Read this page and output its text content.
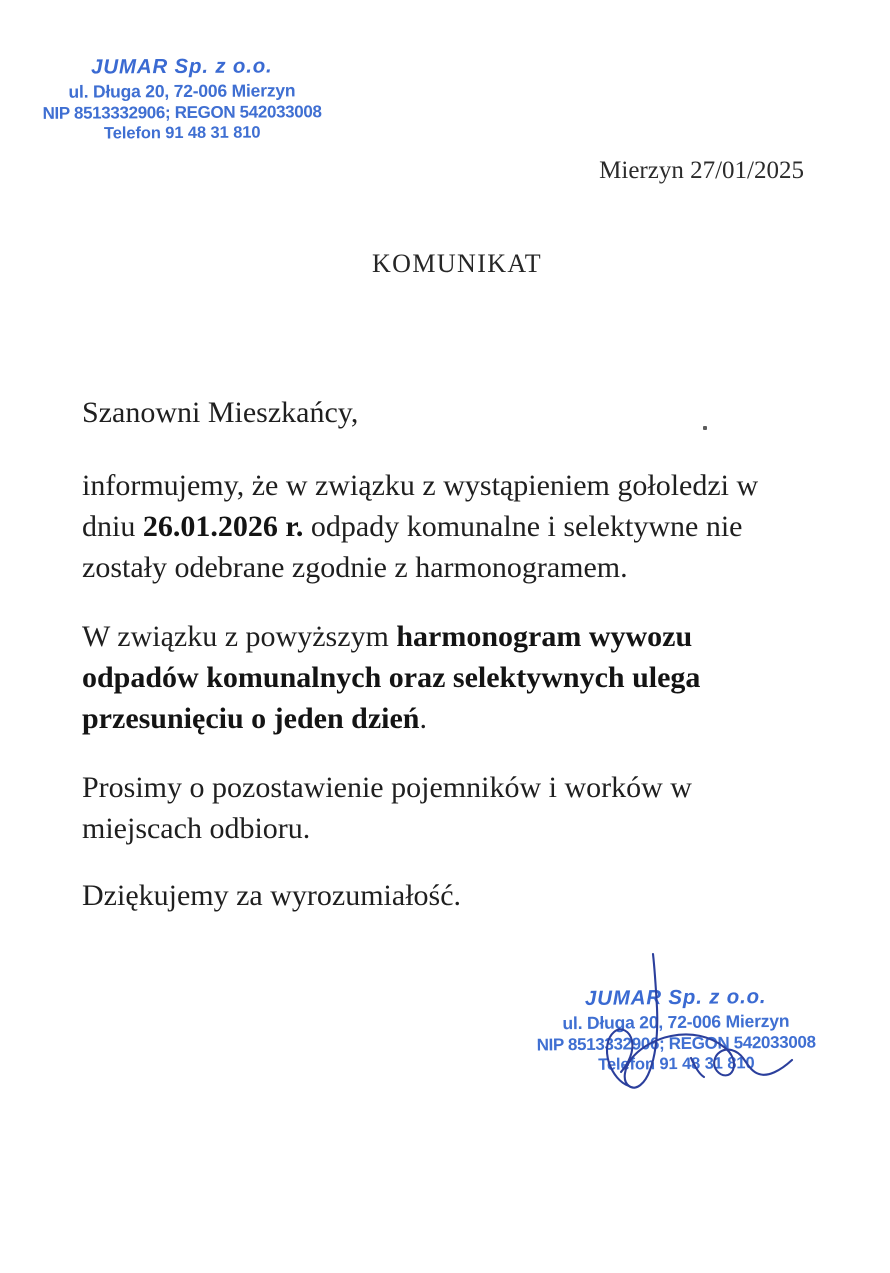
JUMAR Sp. z o.o.
ul. Długa 20, 72-006 Mierzyn
NIP 8513332906; REGON 542033008
Telefon 91 48 31 810
Mierzyn 27/01/2025
KOMUNIKAT

Szanowni Mieszkańcy,

informujemy, że w związku z wystąpieniem gołoledzi w dniu 26.01.2026 r. odpady komunalne i selektywne nie zostały odebrane zgodnie z harmonogramem.

W związku z powyższym harmonogram wywozu odpadów komunalnych oraz selektywnych ulega przesunięciu o jeden dzień.

Prosimy o pozostawienie pojemników i worków w miejscach odbioru.

Dziękujemy za wyrozumiałość.

JUMAR Sp. z o.o.
ul. Długa 20, 72-006 Mierzyn
NIP 8513332906; REGON 542033008
Telefon 91 48 31 810
